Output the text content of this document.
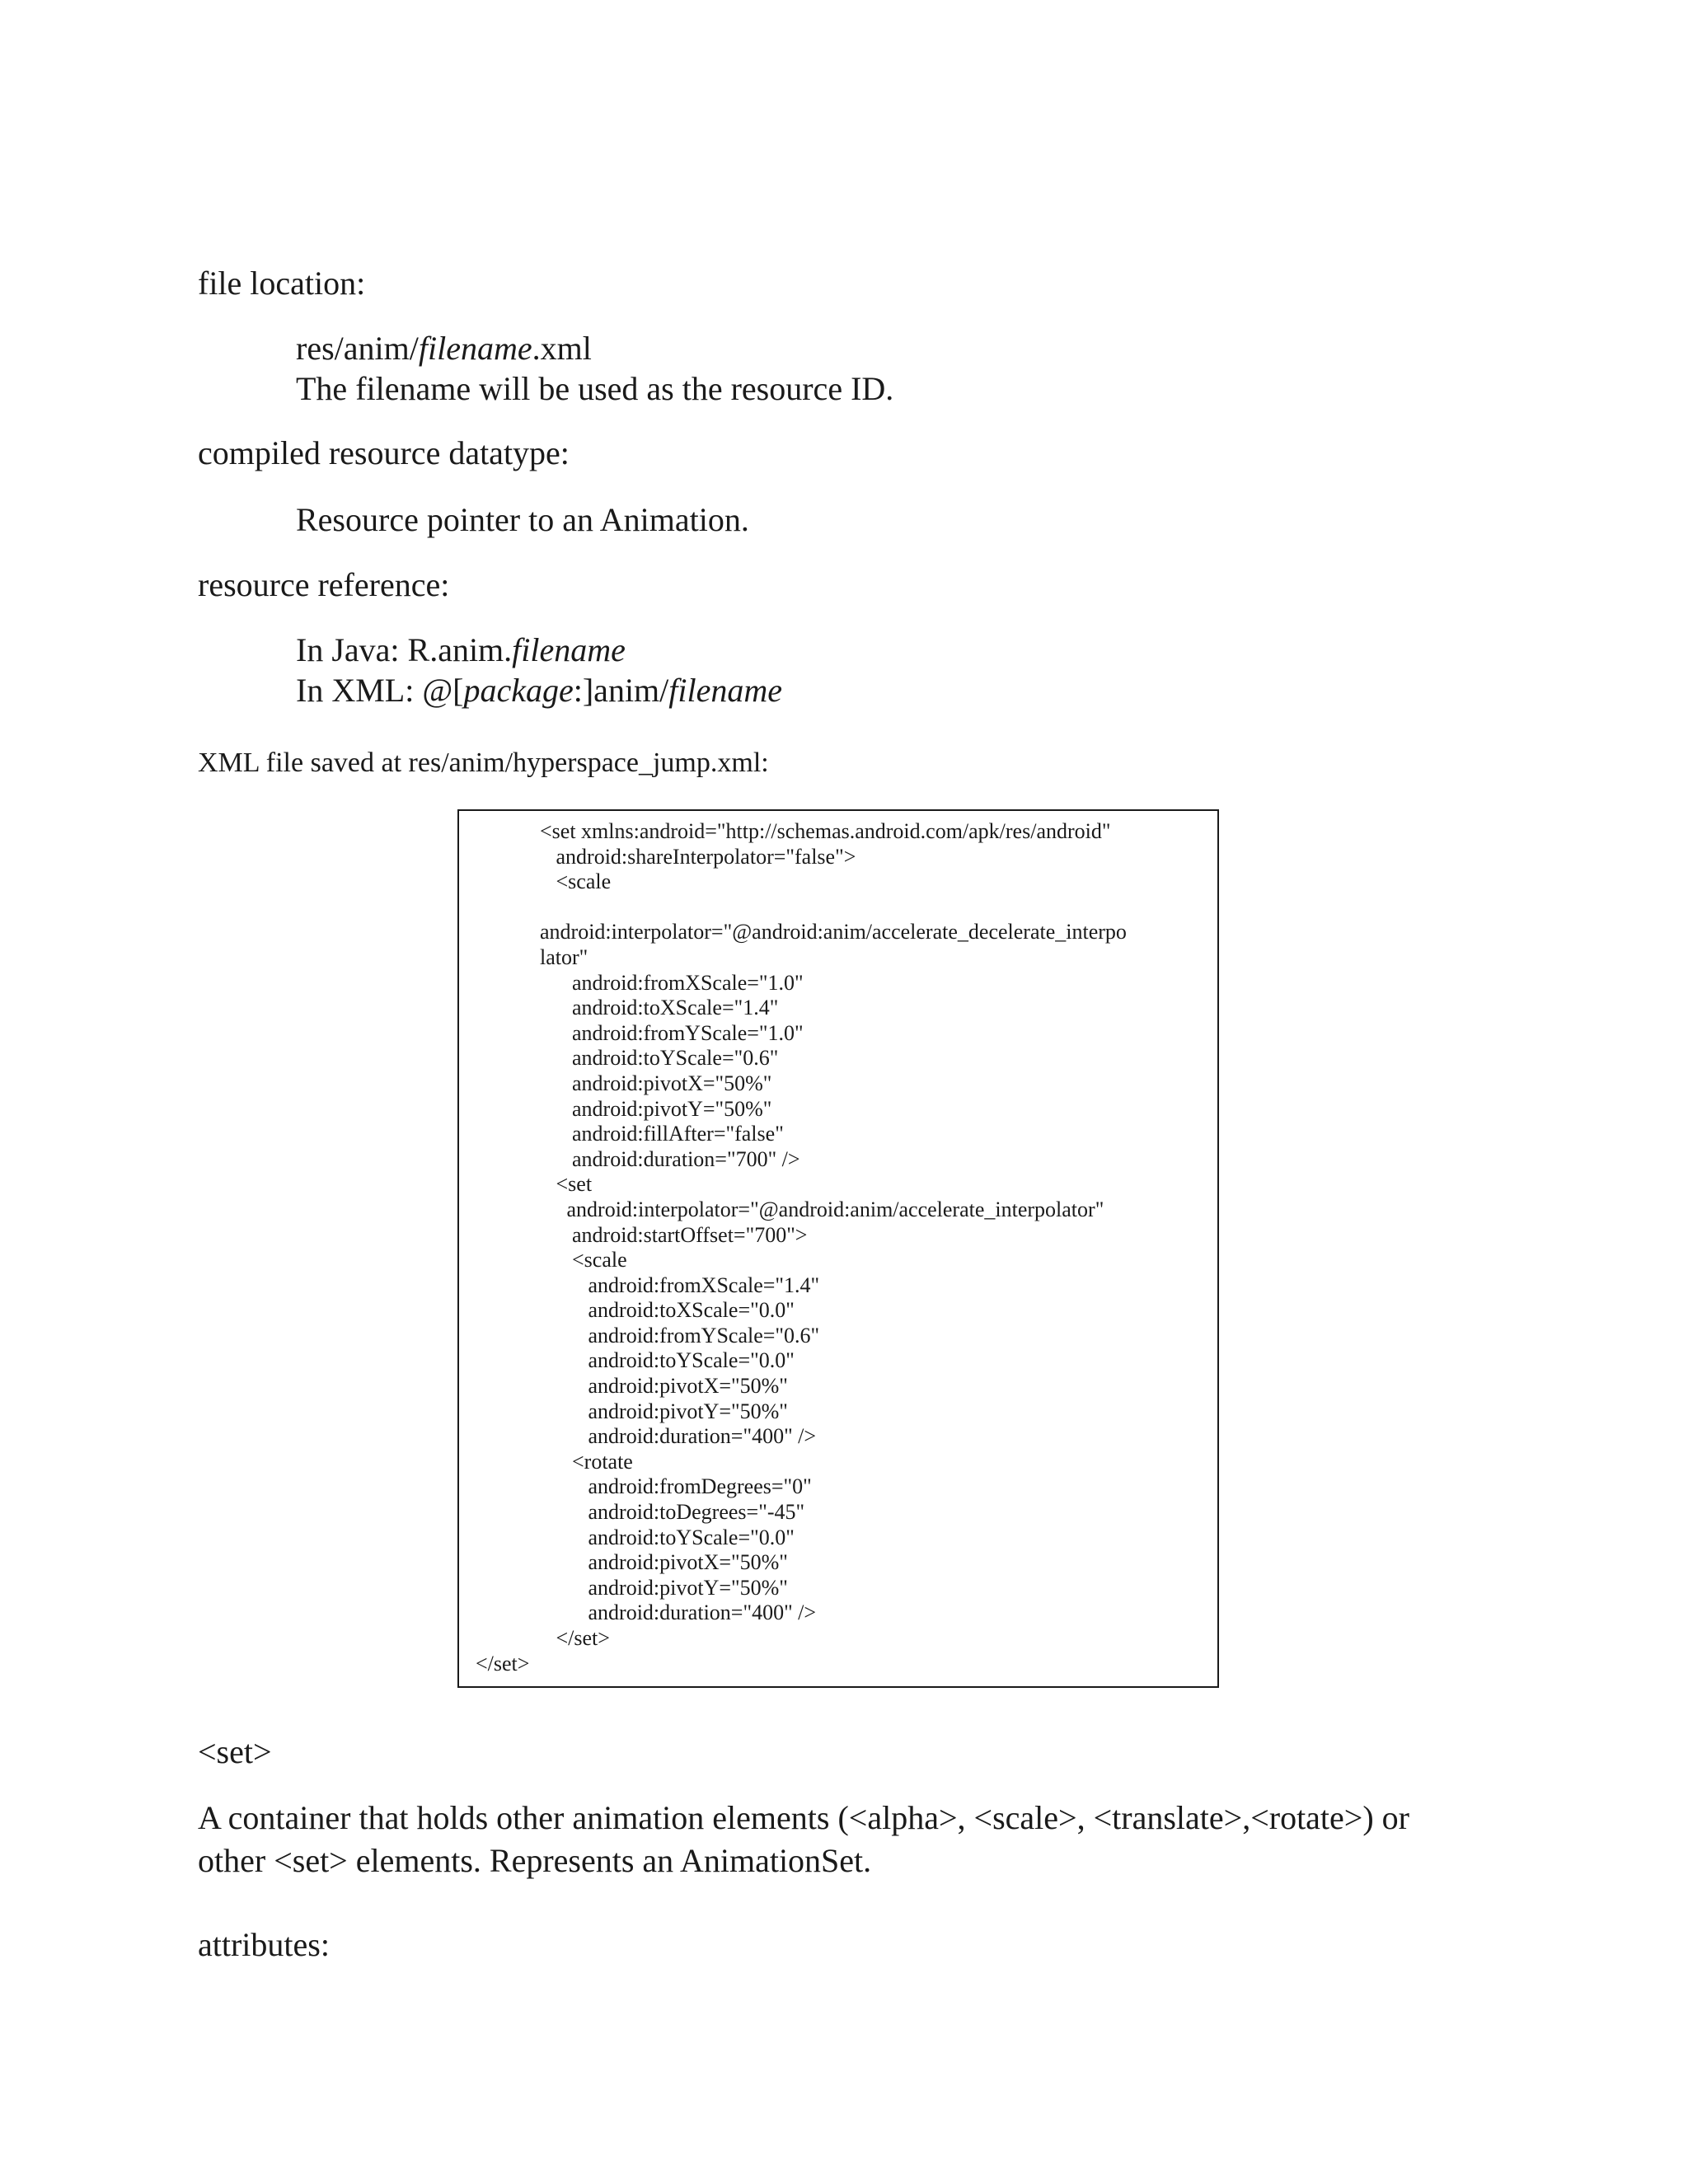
file location:
res/anim/filename.xml
The filename will be used as the resource ID.
compiled resource datatype:
Resource pointer to an Animation.
resource reference:
In Java: R.anim.filename
In XML: @[package:]anim/filename
XML file saved at res/anim/hyperspace_jump.xml:
<set xmlns:android="http://schemas.android.com/apk/res/android"
android:shareInterpolator="false">
<scale

android:interpolator="@android:anim/accelerate_decelerate_interpo
lator"
android:fromXScale="1.0"
android:toXScale="1.4"
android:fromYScale="1.0"
android:toYScale="0.6"
android:pivotX="50%"
android:pivotY="50%"
android:fillAfter="false"
android:duration="700" />
<set
android:interpolator="@android:anim/accelerate_interpolator"
android:startOffset="700">
<scale
android:fromXScale="1.4"
android:toXScale="0.0"
android:fromYScale="0.6"
android:toYScale="0.0"
android:pivotX="50%"
android:pivotY="50%"
android:duration="400" />
<rotate
android:fromDegrees="0"
android:toDegrees="-45"
android:toYScale="0.0"
android:pivotX="50%"
android:pivotY="50%"
android:duration="400" />
</set>
</set>
<set>
A container that holds other animation elements (<alpha>, <scale>, <translate>,<rotate>) or other <set> elements. Represents an AnimationSet.
attributes:
